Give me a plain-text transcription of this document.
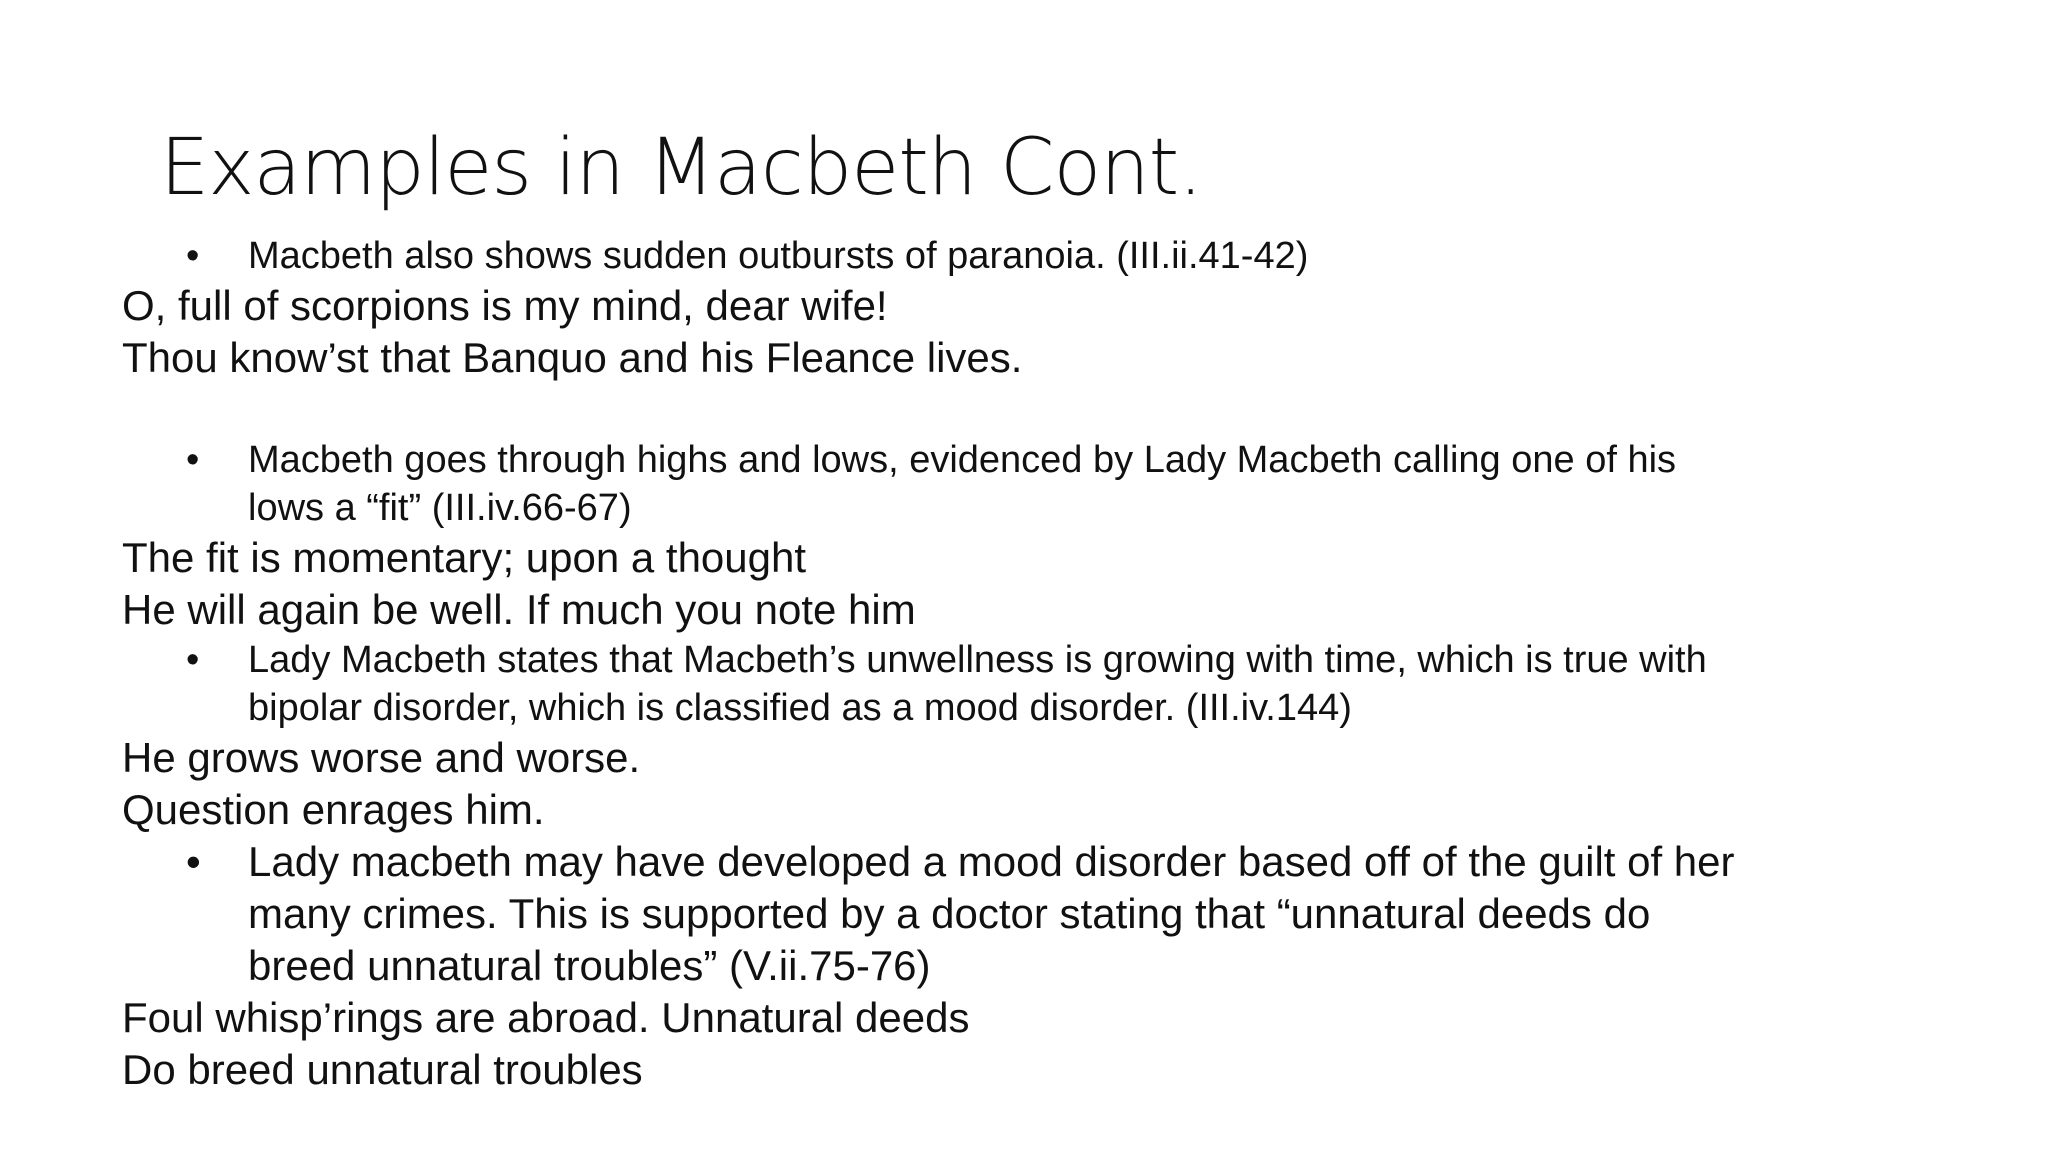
Examples in Macbeth Cont.
• Macbeth also shows sudden outbursts of paranoia. (III.ii.41-42)

O, full of scorpions is my mind, dear wife!

Thou know’st that Banquo and his Fleance lives.

• Macbeth goes through highs and lows, evidenced by Lady Macbeth calling one of his lows a “fit” (III.iv.66-67)

The fit is momentary; upon a thought

He will again be well. If much you note him

• Lady Macbeth states that Macbeth’s unwellness is growing with time, which is true with bipolar disorder, which is classified as a mood disorder. (III.iv.144)

He grows worse and worse.

Question enrages him.

• Lady macbeth may have developed a mood disorder based off of the guilt of her many crimes. This is supported by a doctor stating that “unnatural deeds do breed unnatural troubles” (V.ii.75-76)

Foul whisp’rings are abroad. Unnatural deeds

Do breed unnatural troubles
